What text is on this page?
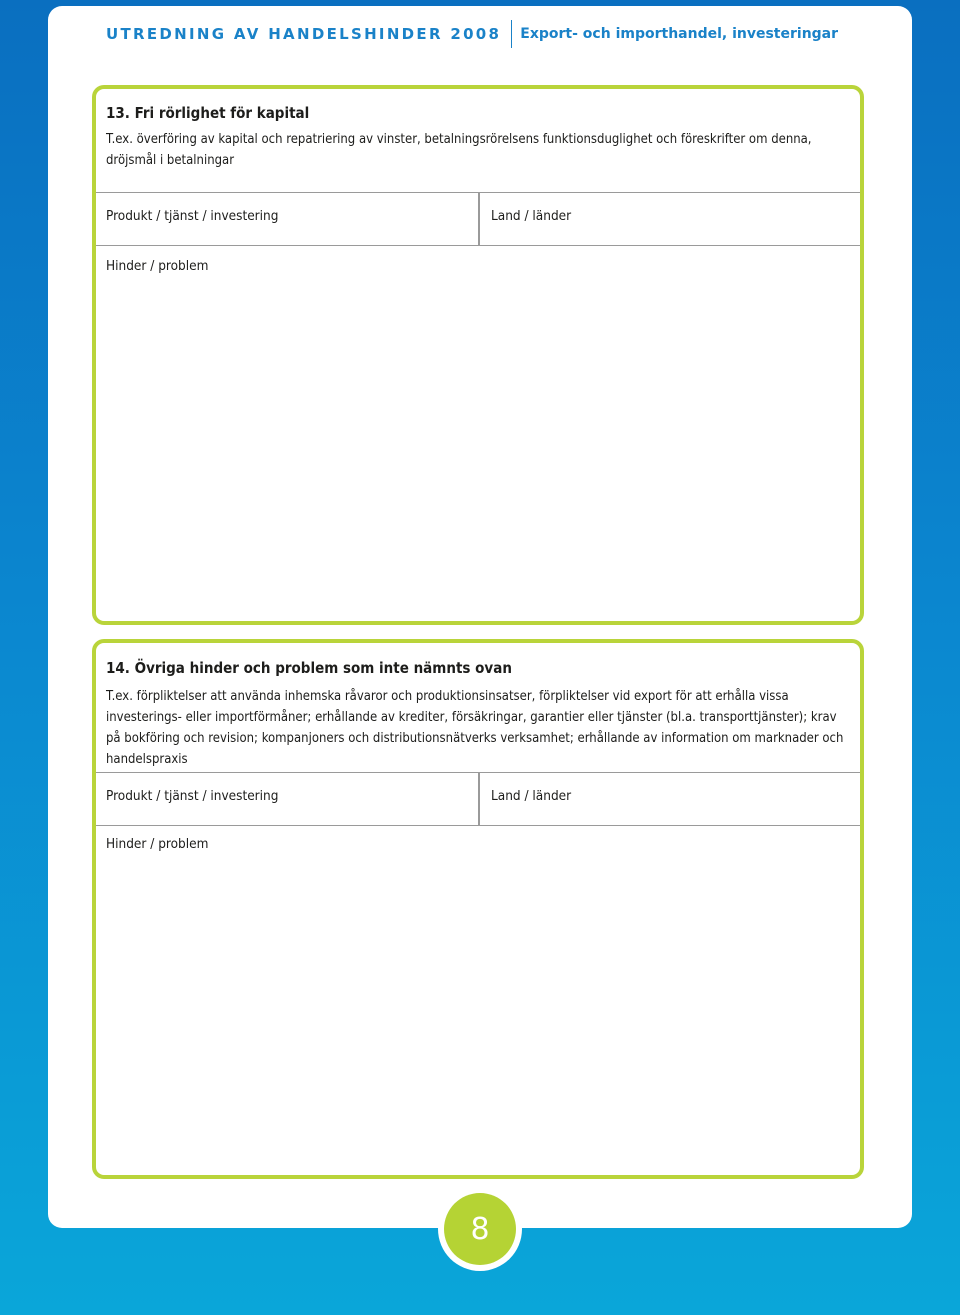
UTREDNING AV HANDELSHINDER 2008 Export- och importhandel, investeringar
13. Fri rörlighet för kapital
T.ex. överföring av kapital och repatriering av vinster, betalningsrörelsens funktionsduglighet och föreskrifter om denna, dröjsmål i betalningar
Produkt / tjänst / investering	Land / länder
Hinder / problem
14. Övriga hinder och problem som inte nämnts ovan
T.ex. förpliktelser att använda inhemska råvaror och produktionsinsatser, förpliktelser vid export för att erhålla vissa investerings- eller importförmåner; erhållande av krediter, försäkringar, garantier eller tjänster (bl.a. transporttjänster); krav på bokföring och revision; kompanjoners och distributionsnätverks verksamhet; erhållande av information om marknader och handelspraxis
Produkt / tjänst / investering	Land / länder
Hinder / problem
8
